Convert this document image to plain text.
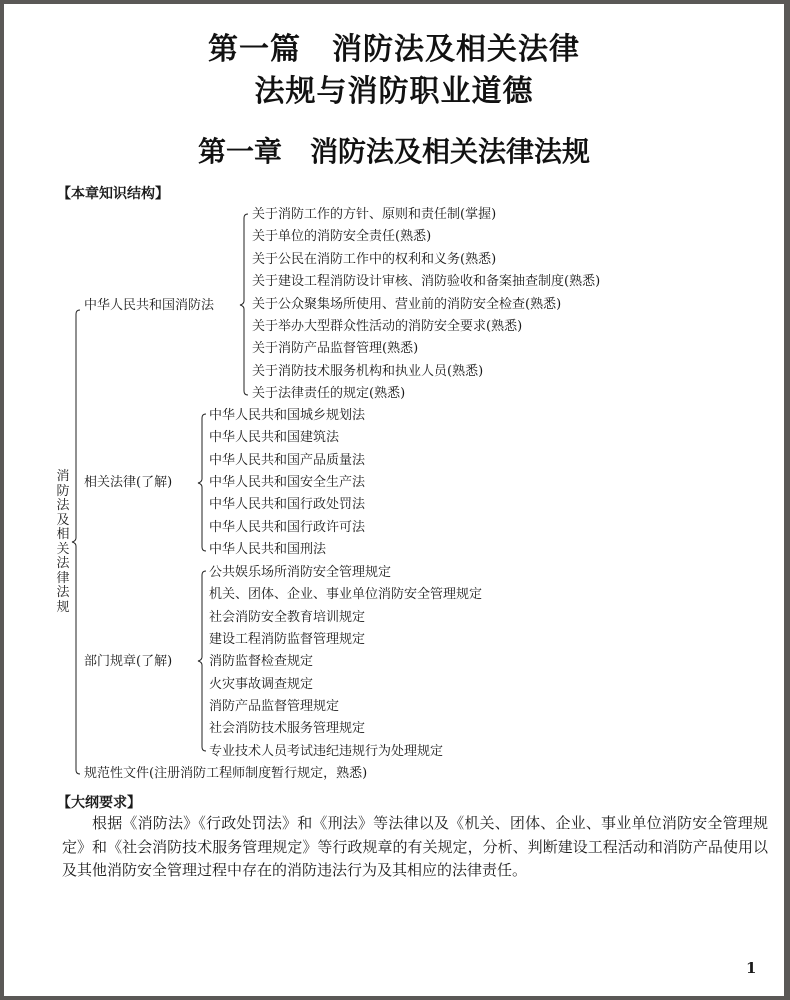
第一篇　消防法及相关法律
法规与消防职业道德
第一章　消防法及相关法律法规
【本章知识结构】
消防法及相关法律法规
中华人民共和国消防法
关于消防工作的方针、原则和责任制(掌握)
关于单位的消防安全责任(熟悉)
关于公民在消防工作中的权利和义务(熟悉)
关于建设工程消防设计审核、消防验收和备案抽查制度(熟悉)
关于公众聚集场所使用、营业前的消防安全检查(熟悉)
关于举办大型群众性活动的消防安全要求(熟悉)
关于消防产品监督管理(熟悉)
关于消防技术服务机构和执业人员(熟悉)
关于法律责任的规定(熟悉)
相关法律(了解)
中华人民共和国城乡规划法
中华人民共和国建筑法
中华人民共和国产品质量法
中华人民共和国安全生产法
中华人民共和国行政处罚法
中华人民共和国行政许可法
中华人民共和国刑法
部门规章(了解)
公共娱乐场所消防安全管理规定
机关、团体、企业、事业单位消防安全管理规定
社会消防安全教育培训规定
建设工程消防监督管理规定
消防监督检查规定
火灾事故调查规定
消防产品监督管理规定
社会消防技术服务管理规定
专业技术人员考试违纪违规行为处理规定
规范性文件(注册消防工程师制度暂行规定，熟悉)
【大纲要求】
根据《消防法》《行政处罚法》和《刑法》等法律以及《机关、团体、企业、事业单位消防安全管理规定》和《社会消防技术服务管理规定》等行政规章的有关规定，分析、判断建设工程活动和消防产品使用以及其他消防安全管理过程中存在的消防违法行为及其相应的法律责任。
1
